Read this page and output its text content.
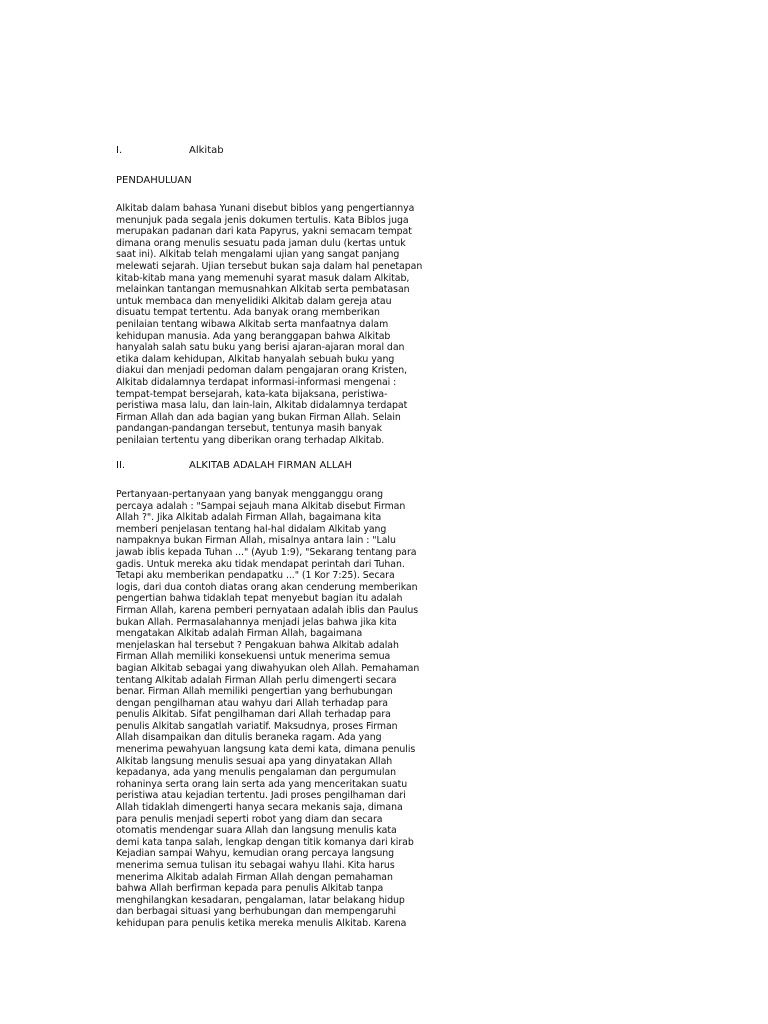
I.	Alkitab
PENDAHULUAN
Alkitab dalam bahasa Yunani disebut biblos yang pengertiannya
menunjuk pada segala jenis dokumen tertulis. Kata Biblos juga
merupakan padanan dari kata Papyrus, yakni semacam tempat
dimana orang menulis sesuatu pada jaman dulu (kertas untuk
saat ini). Alkitab telah mengalami ujian yang sangat panjang
melewati sejarah. Ujian tersebut bukan saja dalam hal penetapan
kitab-kitab mana yang memenuhi syarat masuk dalam Alkitab,
melainkan tantangan memusnahkan Alkitab serta pembatasan
untuk membaca dan menyelidiki Alkitab dalam gereja atau
disuatu tempat tertentu. Ada banyak orang memberikan
penilaian tentang wibawa Alkitab serta manfaatnya dalam
kehidupan manusia. Ada yang beranggapan bahwa Alkitab
hanyalah salah satu buku yang berisi ajaran-ajaran moral dan
etika dalam kehidupan, Alkitab hanyalah sebuah buku yang
diakui dan menjadi pedoman dalam pengajaran orang Kristen,
Alkitab didalamnya terdapat informasi-informasi mengenai :
tempat-tempat bersejarah, kata-kata bijaksana, peristiwa-
peristiwa masa lalu, dan lain-lain, Alkitab didalamnya terdapat
Firman Allah dan ada bagian yang bukan Firman Allah. Selain
pandangan-pandangan tersebut, tentunya masih banyak
penilaian tertentu yang diberikan orang terhadap Alkitab.
II.	ALKITAB ADALAH FIRMAN ALLAH
Pertanyaan-pertanyaan yang banyak mengganggu orang
percaya adalah : "Sampai sejauh mana Alkitab disebut Firman
Allah ?". Jika Alkitab adalah Firman Allah, bagaimana kita
memberi penjelasan tentang hal-hal didalam Alkitab yang
nampaknya bukan Firman Allah, misalnya antara lain : "Lalu
jawab iblis kepada Tuhan ..." (Ayub 1:9), "Sekarang tentang para
gadis. Untuk mereka aku tidak mendapat perintah dari Tuhan.
Tetapi aku memberikan pendapatku ..." (1 Kor 7:25). Secara
logis, dari dua contoh diatas orang akan cenderung memberikan
pengertian bahwa tidaklah tepat menyebut bagian itu adalah
Firman Allah, karena pemberi pernyataan adalah iblis dan Paulus
bukan Allah. Permasalahannya menjadi jelas bahwa jika kita
mengatakan Alkitab adalah Firman Allah, bagaimana
menjelaskan hal tersebut ? Pengakuan bahwa Alkitab adalah
Firman Allah memiliki konsekuensi untuk menerima semua
bagian Alkitab sebagai yang diwahyukan oleh Allah. Pemahaman
tentang Alkitab adalah Firman Allah perlu dimengerti secara
benar. Firman Allah memiliki pengertian yang berhubungan
dengan pengilhaman atau wahyu dari Allah terhadap para
penulis Alkitab. Sifat pengilhaman dari Allah terhadap para
penulis Alkitab sangatlah variatif. Maksudnya, proses Firman
Allah disampaikan dan ditulis beraneka ragam. Ada yang
menerima pewahyuan langsung kata demi kata, dimana penulis
Alkitab langsung menulis sesuai apa yang dinyatakan Allah
kepadanya, ada yang menulis pengalaman dan pergumulan
rohaninya serta orang lain serta ada yang menceritakan suatu
peristiwa atau kejadian tertentu. Jadi proses pengilhaman dari
Allah tidaklah dimengerti hanya secara mekanis saja, dimana
para penulis menjadi seperti robot yang diam dan secara
otomatis mendengar suara Allah dan langsung menulis kata
demi kata tanpa salah, lengkap dengan titik komanya dari kirab
Kejadian sampai Wahyu, kemudian orang percaya langsung
menerima semua tulisan itu sebagai wahyu Ilahi. Kita harus
menerima Alkitab adalah Firman Allah dengan pemahaman
bahwa Allah berfirman kepada para penulis Alkitab tanpa
menghilangkan kesadaran, pengalaman, latar belakang hidup
dan berbagai situasi yang berhubungan dan mempengaruhi
kehidupan para penulis ketika mereka menulis Alkitab. Karena
